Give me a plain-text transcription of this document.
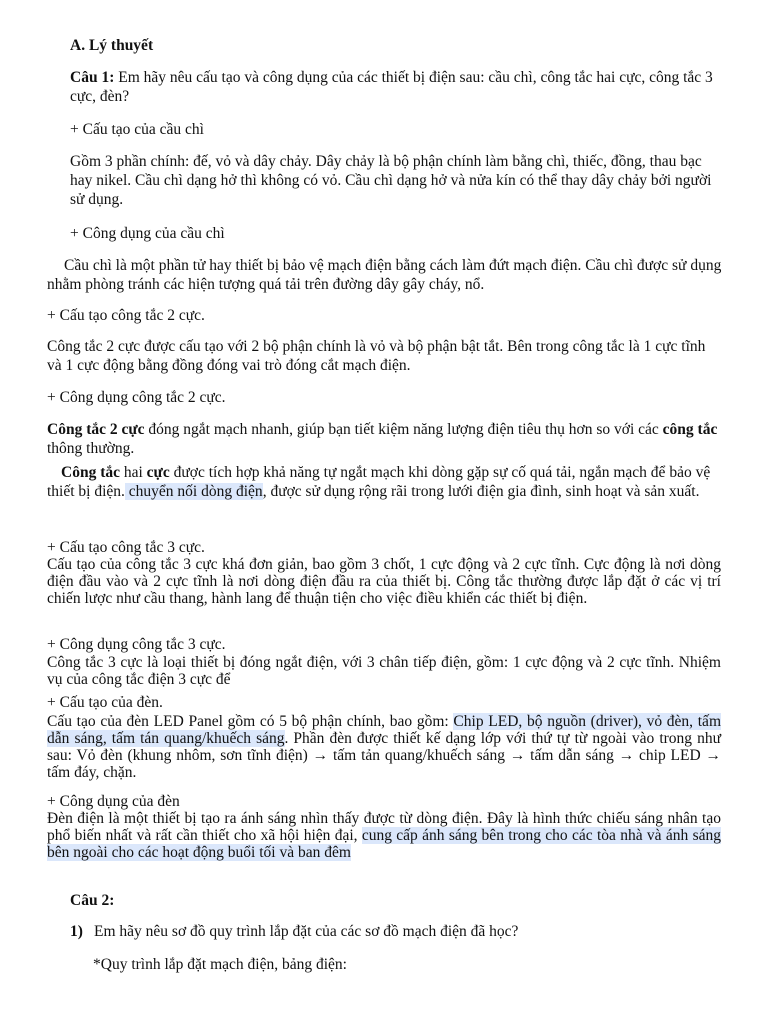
A. Lý thuyết

Câu 1: Em hãy nêu cấu tạo và công dụng của các thiết bị điện sau: cầu chì, công tắc hai cực, công tắc 3 cực, đèn?

+ Cấu tạo của cầu chì

Gồm 3 phần chính: đế, vỏ và dây chảy. Dây chảy là bộ phận chính làm bằng chì, thiếc, đồng, thau bạc hay nikel. Cầu chì dạng hở thì không có vỏ. Cầu chì dạng hở và nửa kín có thể thay dây chảy bởi người sử dụng.

+ Công dụng của cầu chì

Cầu chì là một phần tử hay thiết bị bảo vệ mạch điện bằng cách làm đứt mạch điện. Cầu chì được sử dụng nhằm phòng tránh các hiện tượng quá tải trên đường dây gây cháy, nổ.

+ Cấu tạo công tắc 2 cực.

Công tắc 2 cực được cấu tạo với 2 bộ phận chính là vỏ và bộ phận bật tắt. Bên trong công tắc là 1 cực tĩnh và 1 cực động bằng đồng đóng vai trò đóng cắt mạch điện.

+ Công dụng công tắc 2 cực.

Công tắc 2 cực đóng ngắt mạch nhanh, giúp bạn tiết kiệm năng lượng điện tiêu thụ hơn so với các công tắc thông thường.

Công tắc hai cực được tích hợp khả năng tự ngắt mạch khi dòng gặp sự cố quá tải, ngắn mạch để bảo vệ thiết bị điện. chuyển nối dòng điện, được sử dụng rộng rãi trong lưới điện gia đình, sinh hoạt và sản xuất.

+ Cấu tạo công tắc 3 cực.

Cấu tạo của công tắc 3 cực khá đơn giản, bao gồm 3 chốt, 1 cực động và 2 cực tĩnh. Cực động là nơi dòng điện đầu vào và 2 cực tĩnh là nơi dòng điện đầu ra của thiết bị. Công tắc thường được lắp đặt ở các vị trí chiến lược như cầu thang, hành lang để thuận tiện cho việc điều khiển các thiết bị điện.

+ Công dụng công tắc 3 cực.

Công tắc 3 cực là loại thiết bị đóng ngắt điện, với 3 chân tiếp điện, gồm: 1 cực động và 2 cực tĩnh. Nhiệm vụ của công tắc điện 3 cực để

+ Cấu tạo của đèn.

Cấu tạo của đèn LED Panel gồm có 5 bộ phận chính, bao gồm: Chip LED, bộ nguồn (driver), vỏ đèn, tấm dẫn sáng, tấm tán quang/khuếch sáng. Phần đèn được thiết kế dạng lớp với thứ tự từ ngoài vào trong như sau: Vỏ đèn (khung nhôm, sơn tĩnh điện) → tấm tản quang/khuếch sáng → tấm dẫn sáng → chip LED → tấm đáy, chặn.

+ Công dụng của đèn

Đèn điện là một thiết bị tạo ra ánh sáng nhìn thấy được từ dòng điện. Đây là hình thức chiếu sáng nhân tạo phổ biến nhất và rất cần thiết cho xã hội hiện đại, cung cấp ánh sáng bên trong cho các tòa nhà và ánh sáng bên ngoài cho các hoạt động buổi tối và ban đêm

Câu 2:

1) Em hãy nêu sơ đồ quy trình lắp đặt của các sơ đồ mạch điện đã học?

*Quy trình lắp đặt mạch điện, bảng điện:
